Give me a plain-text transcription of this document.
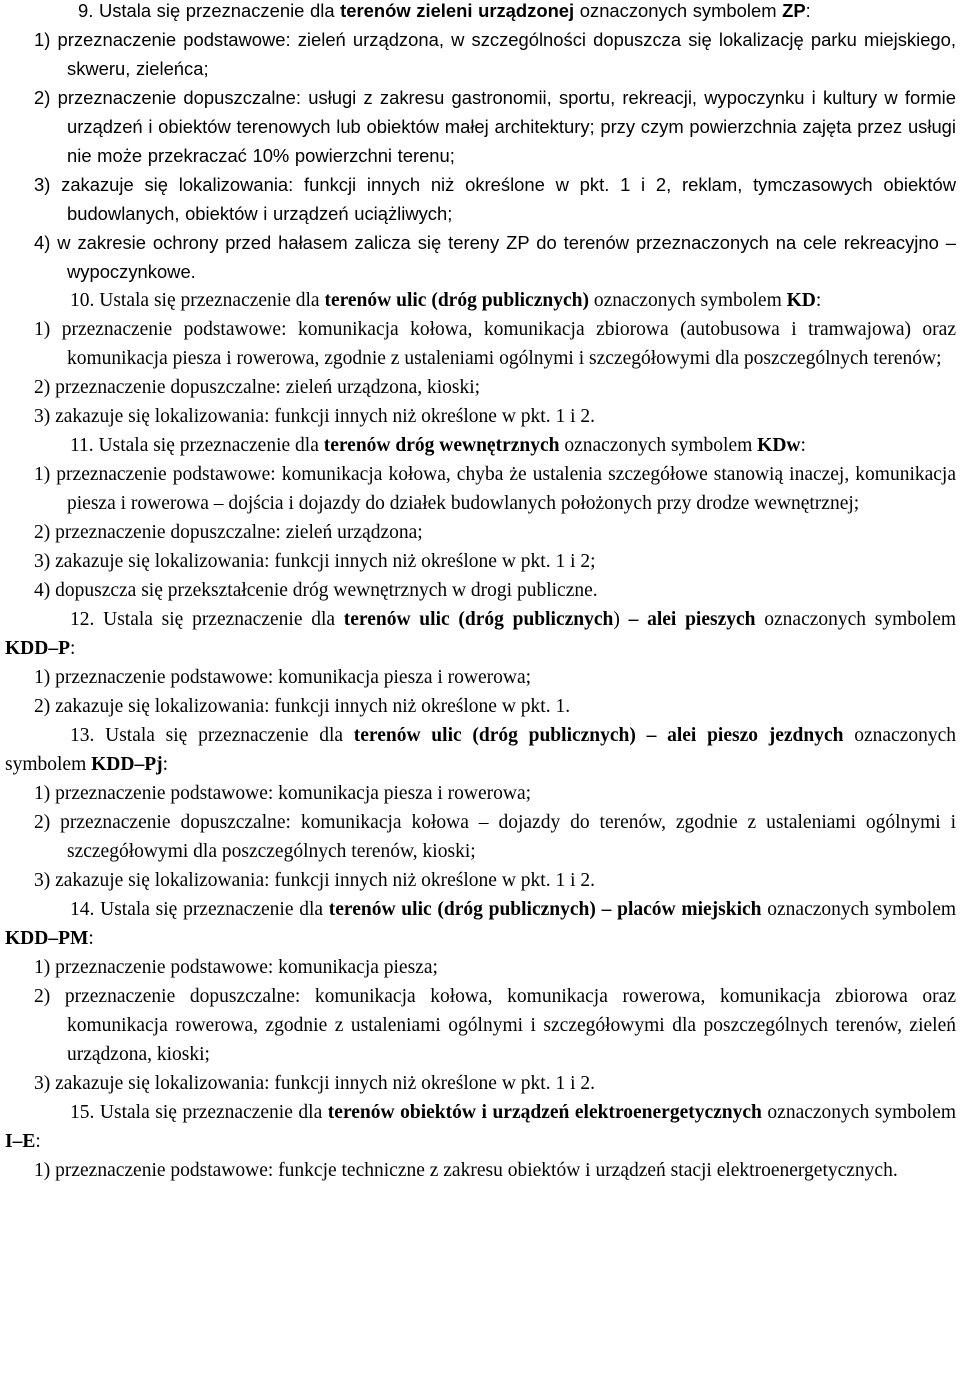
9. Ustala się przeznaczenie dla terenów zieleni urządzonej oznaczonych symbolem ZP:

1) przeznaczenie podstawowe: zieleń urządzona, w szczególności dopuszcza się lokalizację parku miejskiego, skweru, zieleńca;

2) przeznaczenie dopuszczalne: usługi z zakresu gastronomii, sportu, rekreacji, wypoczynku i kultury w formie urządzeń i obiektów terenowych lub obiektów małej architektury; przy czym powierzchnia zajęta przez usługi nie może przekraczać 10% powierzchni terenu;

3) zakazuje się lokalizowania: funkcji innych niż określone w pkt. 1 i 2, reklam, tymczasowych obiektów budowlanych, obiektów i urządzeń uciążliwych;

4) w zakresie ochrony przed hałasem zalicza się tereny ZP do terenów przeznaczonych na cele rekreacyjno – wypoczynkowe.

10. Ustala się przeznaczenie dla terenów ulic (dróg publicznych) oznaczonych symbolem KD:

1) przeznaczenie podstawowe: komunikacja kołowa, komunikacja zbiorowa (autobusowa i tramwajowa) oraz komunikacja piesza i rowerowa, zgodnie z ustaleniami ogólnymi i szczegółowymi dla poszczególnych terenów;

2) przeznaczenie dopuszczalne: zieleń urządzona, kioski;

3) zakazuje się lokalizowania: funkcji innych niż określone w pkt. 1 i 2.

11. Ustala się przeznaczenie dla terenów dróg wewnętrznych oznaczonych symbolem KDw:

1) przeznaczenie podstawowe: komunikacja kołowa, chyba że ustalenia szczegółowe stanowią inaczej, komunikacja piesza i rowerowa – dojścia i dojazdy do działek budowlanych położonych przy drodze wewnętrznej;

2) przeznaczenie dopuszczalne: zieleń urządzona;

3) zakazuje się lokalizowania: funkcji innych niż określone w pkt. 1 i 2;

4) dopuszcza się przekształcenie dróg wewnętrznych w drogi publiczne.

12. Ustala się przeznaczenie dla terenów ulic (dróg publicznych) – alei pieszych oznaczonych symbolem KDD–P:

1) przeznaczenie podstawowe: komunikacja piesza i rowerowa;

2) zakazuje się lokalizowania: funkcji innych niż określone w pkt. 1.

13. Ustala się przeznaczenie dla terenów ulic (dróg publicznych) – alei pieszo jezdnych oznaczonych symbolem KDD–Pj:

1) przeznaczenie podstawowe: komunikacja piesza i rowerowa;

2) przeznaczenie dopuszczalne: komunikacja kołowa – dojazdy do terenów, zgodnie z ustaleniami ogólnymi i szczegółowymi dla poszczególnych terenów, kioski;

3) zakazuje się lokalizowania: funkcji innych niż określone w pkt. 1 i 2.

14. Ustala się przeznaczenie dla terenów ulic (dróg publicznych) – placów miejskich oznaczonych symbolem KDD–PM:

1) przeznaczenie podstawowe: komunikacja piesza;

2) przeznaczenie dopuszczalne: komunikacja kołowa, komunikacja rowerowa, komunikacja zbiorowa oraz komunikacja rowerowa, zgodnie z ustaleniami ogólnymi i szczegółowymi dla poszczególnych terenów, zieleń urządzona, kioski;

3) zakazuje się lokalizowania: funkcji innych niż określone w pkt. 1 i 2.

15. Ustala się przeznaczenie dla terenów obiektów i urządzeń elektroenergetycznych oznaczonych symbolem I–E:

1) przeznaczenie podstawowe: funkcje techniczne z zakresu obiektów i urządzeń stacji elektroenergetycznych.
